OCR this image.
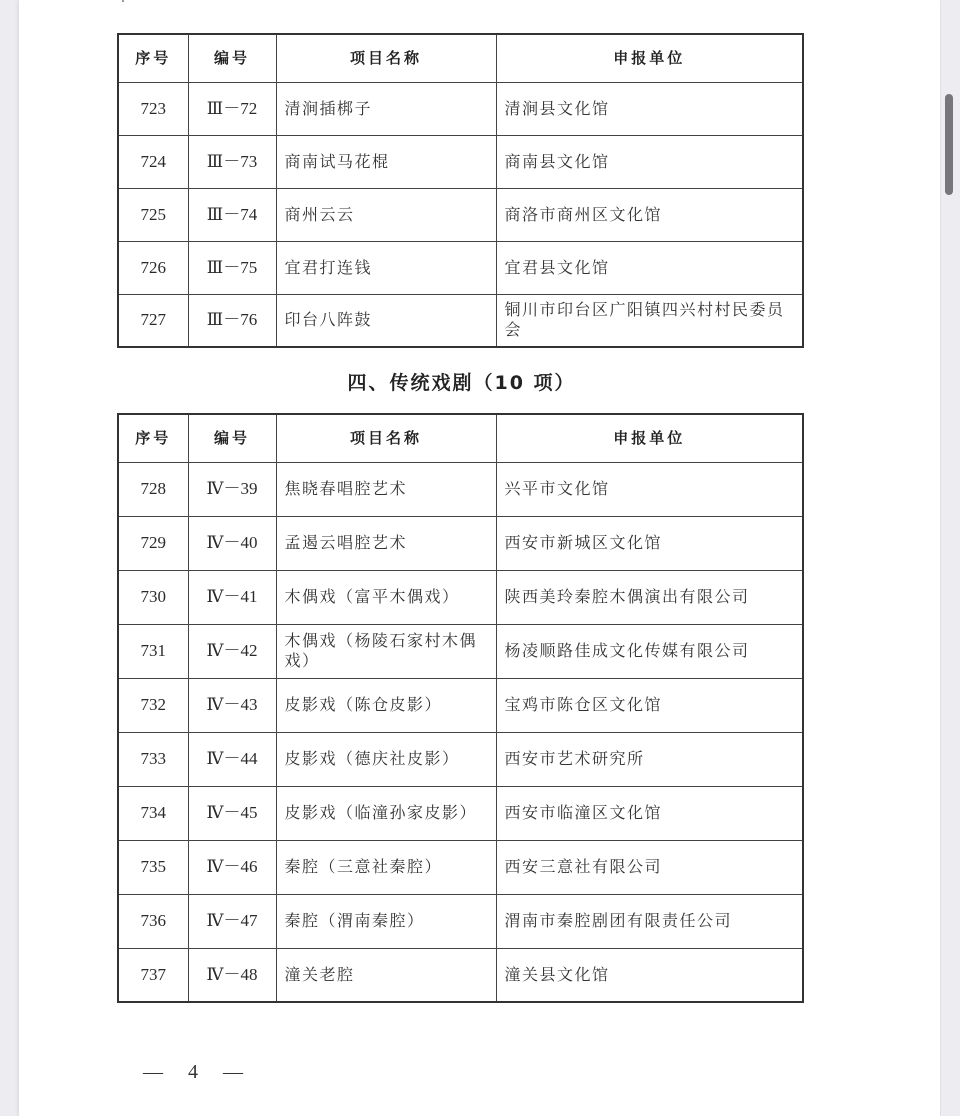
序号	编号	项目名称	申报单位
723	Ⅲ－72	清涧插梆子	清涧县文化馆
724	Ⅲ－73	商南试马花棍	商南县文化馆
725	Ⅲ－74	商州云云	商洛市商州区文化馆
726	Ⅲ－75	宜君打连钱	宜君县文化馆
727	Ⅲ－76	印台八阵鼓	铜川市印台区广阳镇四兴村村民委员会
四、传统戏剧（10 项）
序号	编号	项目名称	申报单位
728	Ⅳ－39	焦晓春唱腔艺术	兴平市文化馆
729	Ⅳ－40	孟遏云唱腔艺术	西安市新城区文化馆
730	Ⅳ－41	木偶戏（富平木偶戏）	陕西美玲秦腔木偶演出有限公司
731	Ⅳ－42	木偶戏（杨陵石家村木偶戏）	杨凌顺路佳成文化传媒有限公司
732	Ⅳ－43	皮影戏（陈仓皮影）	宝鸡市陈仓区文化馆
733	Ⅳ－44	皮影戏（德庆社皮影）	西安市艺术研究所
734	Ⅳ－45	皮影戏（临潼孙家皮影）	西安市临潼区文化馆
735	Ⅳ－46	秦腔（三意社秦腔）	西安三意社有限公司
736	Ⅳ－47	秦腔（渭南秦腔）	渭南市秦腔剧团有限责任公司
737	Ⅳ－48	潼关老腔	潼关县文化馆
— 4 —
